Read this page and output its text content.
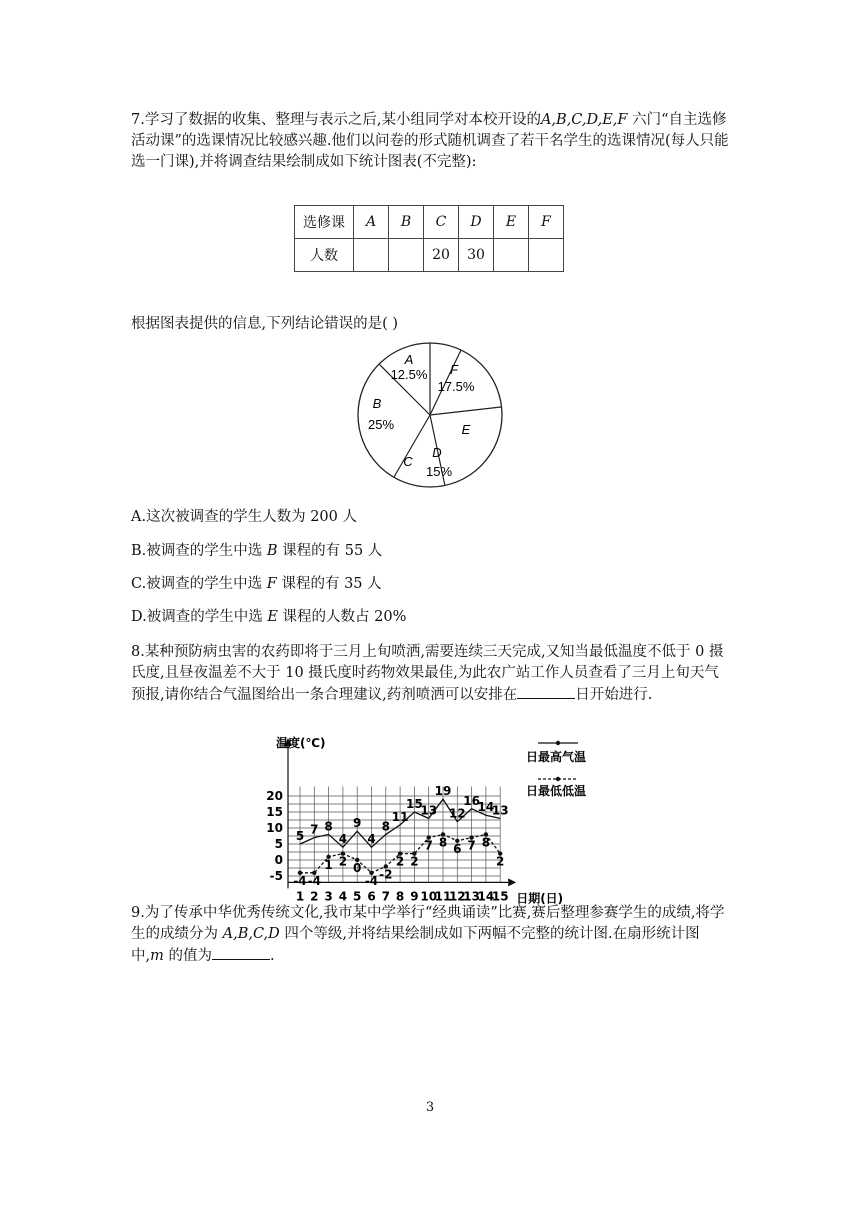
7.学习了数据的收集、整理与表示之后,某小组同学对本校开设的A,B,C,D,E,F 六门“自主选修活动课”的选课情况比较感兴趣.他们以问卷的形式随机调查了若干名学生的选课情况(每人只能选一门课),并将调查结果绘制成如下统计图表(不完整):
选修课	A	B	C	D	E	F
人数			20	30		
根据图表提供的信息,下列结论错误的是( )
A
12.5% F
17.5%
E
D
15%
C
B
25%
A.这次被调查的学生人数为 200 人
B.被调查的学生中选 B 课程的有 55 人
C.被调查的学生中选 F 课程的有 35 人
D.被调查的学生中选 E 课程的人数占 20%
8.某种预防病虫害的农药即将于三月上旬喷洒,需要连续三天完成,又知当最低温度不低于 0 摄氏度,且昼夜温差不大于 10 摄氏度时药物效果最佳,为此农广站工作人员查看了三月上旬天气预报,请你结合气温图给出一条合理建议,药剂喷洒可以安排在	日开始进行.
温度(℃)
日期(日)
20
15
10
5
0
-5
1 2 3 4 5 6 7 8 9 10
11
12
13
14
15
5 7 8
4
9
4
8
11
15
13
19
12
16
14
13
-4 -4
1 2 0
-4 -2
2 2
7 8 6 7 8
2
日最高气温
日最低低温
9.为了传承中华优秀传统文化,我市某中学举行“经典诵读”比赛,赛后整理参赛学生的成绩,将学生的成绩分为 A,B,C,D 四个等级,并将结果绘制成如下两幅不完整的统计图.在扇形统计图中,m 的值为	.
3
